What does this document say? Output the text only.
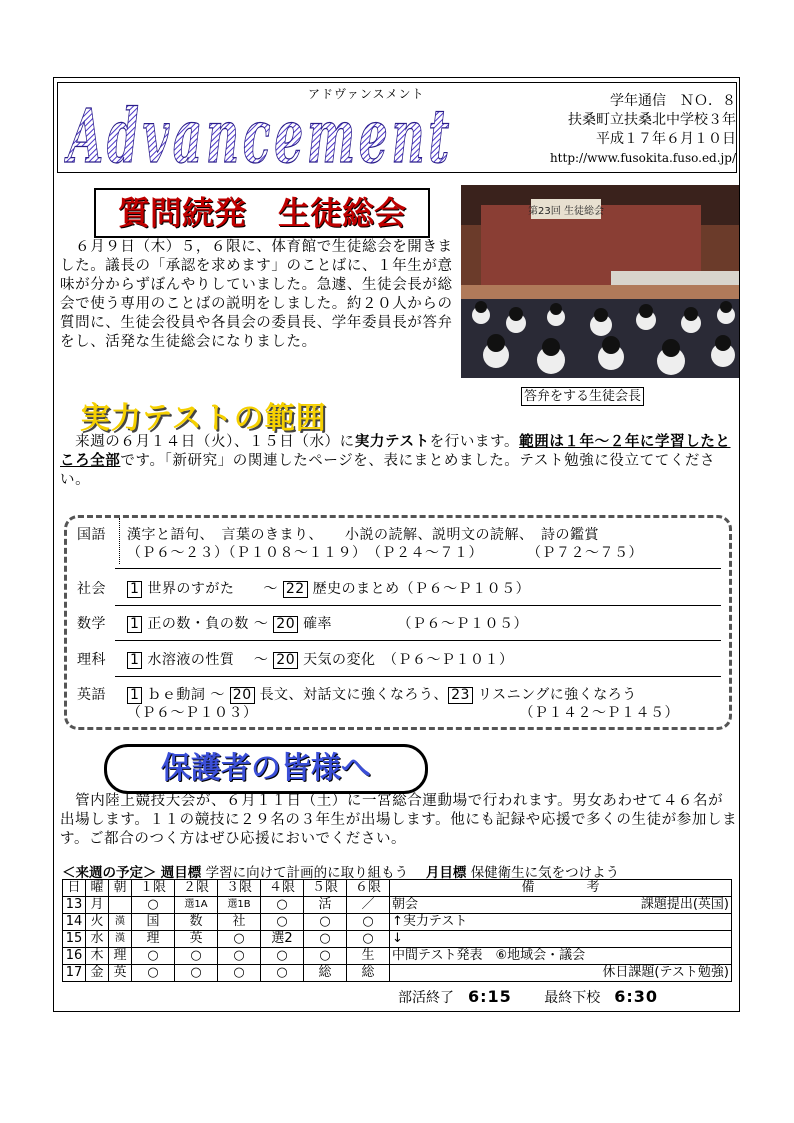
アドヴァンスメント
Advancement	学年通信　ＮＯ．８
扶桑町立扶桑北中学校３年
平成１７年６月１０日
http://www.fusokita.fuso.ed.jp/
質問続発　生徒総会
　６月９日（木）５，６限に、体育館で生徒総会を開きました。議長の「承認を求めます」のことばに、１年生が意味が分からずぼんやりしていました。急遽、生徒会長が総会で使う専用のことばの説明をしました。約２０人からの質問に、生徒会役員や各員会の委員長、学年委員長が答弁をし、活発な生徒総会になりました。
第23回 生徒総会
答弁をする生徒会長
実力テストの範囲
　来週の６月１４日（火）、１５日（水）に実力テストを行います。範囲は１年～２年に学習したところ全部です。「新研究」の関連したページを、表にまとめました。テスト勉強に役立ててください。
国語	漢字と語句、　言葉のきまり、　　小説の読解、説明文の読解、　詩の鑑賞
（Ｐ６～２３）（Ｐ１０８～１１９）　（Ｐ２４～７１）　　　　（Ｐ７２～７５）
社会	1 世界のすがた　　～ 22 歴史のまとめ（Ｐ６～Ｐ１０５）
数学	1 正の数・負の数 ～ 20 確率　　　　　（Ｐ６～Ｐ１０５）
理科	1 水溶液の性質　 ～ 20 天気の変化　（Ｐ６～Ｐ１０１）
英語	1 ｂｅ動詞 ～ 20 長文、対話文に強くなろう、 23 リスニングに強くなろう
（Ｐ６～Ｐ１０３）	（Ｐ１４２～Ｐ１４５）
保護者の皆様へ
　管内陸上競技大会が、６月１１日（土）に一宮総合運動場で行われます。男女あわせて４６名が出場します。１１の競技に２９名の３年生が出場します。他にも記録や応援で多くの生徒が参加します。ご都合のつく方はぜひ応援においでください。
＜来週の予定＞ 週目標 学習に向けて計画的に取り組もう 　 月目標 保健衛生に気をつけよう
日	曜	朝	１限	２限	３限	４限	５限	６限	備　　　　考	
13	月		○	選1A	選1B	○	活	／	朝会	課題提出(英国)
14	火	漢	国	数	社	○	○	○	↑実力テスト	
15	水	漢	理	英	○	選2	○	○	↓	
16	木	理	○	○	○	○	○	生	中間テスト発表　⑥地域会・議会	
17	金	英	○	○	○	○	総	総		休日課題(テスト勉強)
部活終了　 6:15 　　 最終下校　 6:30
